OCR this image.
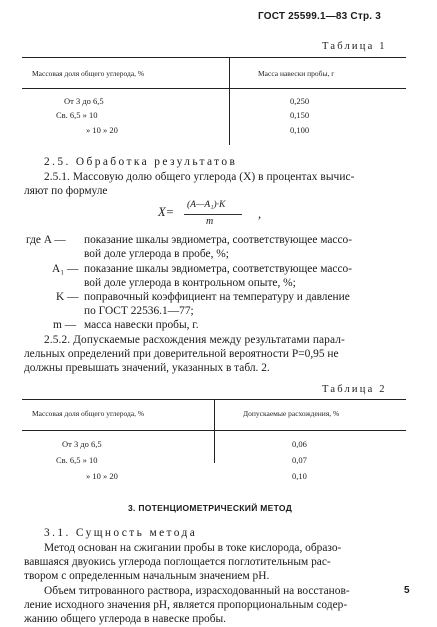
ГОСТ 25599.1—83 Стр. 3
Таблица 1
Массовая доля общего углерода, %	Масса навески пробы, г
От 3 до 6,5	0,250
Св. 6,5 » 10	0,150
» 10 » 20	0,100
2.5. Обработка результатов
2.5.1. Массовую долю общего углерода (X) в процентах вычис-
ляют по формуле
X= (A—A₁)·K
m
,
где A — показание шкалы эвдиометра, соответствующее массо-
вой доле углерода в пробе, %;
A₁ — показание шкалы эвдиометра, соответствующее массо-
вой доле углерода в контрольном опыте, %;
K — поправочный коэффициент на температуру и давление
по ГОСТ 22536.1—77;
m — масса навески пробы, г.
2.5.2. Допускаемые расхождения между результатами парал-
лельных определений при доверительной вероятности P=0,95 не
должны превышать значений, указанных в табл. 2.
Таблица 2
Массовая доля общего углерода, %	Допускаемые расхождения, %
От 3 до 6,5	0,06
Св. 6,5 » 10	0,07
» 10 » 20	0,10
3. ПОТЕНЦИОМЕТРИЧЕСКИЙ МЕТОД
3.1. Сущность метода
Метод основан на сжигании пробы в токе кислорода, образо-
вавшаяся двуокись углерода поглощается поглотительным рас-
твором с определенным начальным значением pH.
Объем титрованного раствора, израсходованный на восстанов-
ление исходного значения pH, является пропорциональным содер-
жанию общего углерода в навеске пробы.
5
